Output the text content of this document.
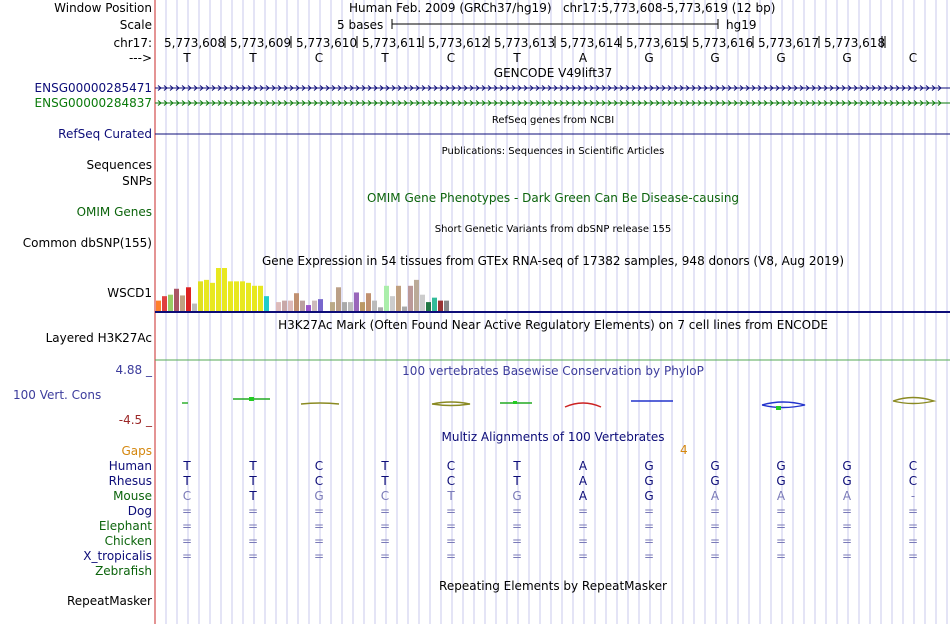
Window Position	Human Feb. 2009 (GRCh37/hg19)   chr17:5,773,608-5,773,619 (12 bp)
Scale	5 bases	hg19
chr17: 5,773,608 5,773,609 5,773,610 5,773,611 5,773,612 5,773,613 5,773,614 5,773,615 5,773,616 5,773,617 5,773,618
--->	T	T	C	T	C	T	A	G	G	G	G	C
GENCODE V49lift37
ENSG00000285471
ENSG00000284837
RefSeq genes from NCBI
RefSeq Curated
Publications: Sequences in Scientific Articles
Sequences
SNPs
OMIM Gene Phenotypes - Dark Green Can Be Disease-causing
OMIM Genes
Short Genetic Variants from dbSNP release 155
Common dbSNP(155)
Gene Expression in 54 tissues from GTEx RNA-seq of 17382 samples, 948 donors (V8, Aug 2019)
WSCD1
H3K27Ac Mark (Often Found Near Active Regulatory Elements) on 7 cell lines from ENCODE
Layered H3K27Ac
100 vertebrates Basewise Conservation by PhyloP
4.88 _
100 Vert. Cons
-4.5 _
Multiz Alignments of 100 Vertebrates
Gaps	4
Human	T	T	C	T	C	T	A	G	G	G	G	C
Rhesus	T	T	C	T	C	T	A	G	G	G	G	C
Mouse	C	T	G	C	T	G	A	G	A	A	A	-
Dog	=	=	=	=	=	=	=	=	=	=	=	=
Elephant	=	=	=	=	=	=	=	=	=	=	=	=
Chicken	=	=	=	=	=	=	=	=	=	=	=	=
X_tropicalis	=	=	=	=	=	=	=	=	=	=	=	=
Zebrafish
Repeating Elements by RepeatMasker
RepeatMasker
